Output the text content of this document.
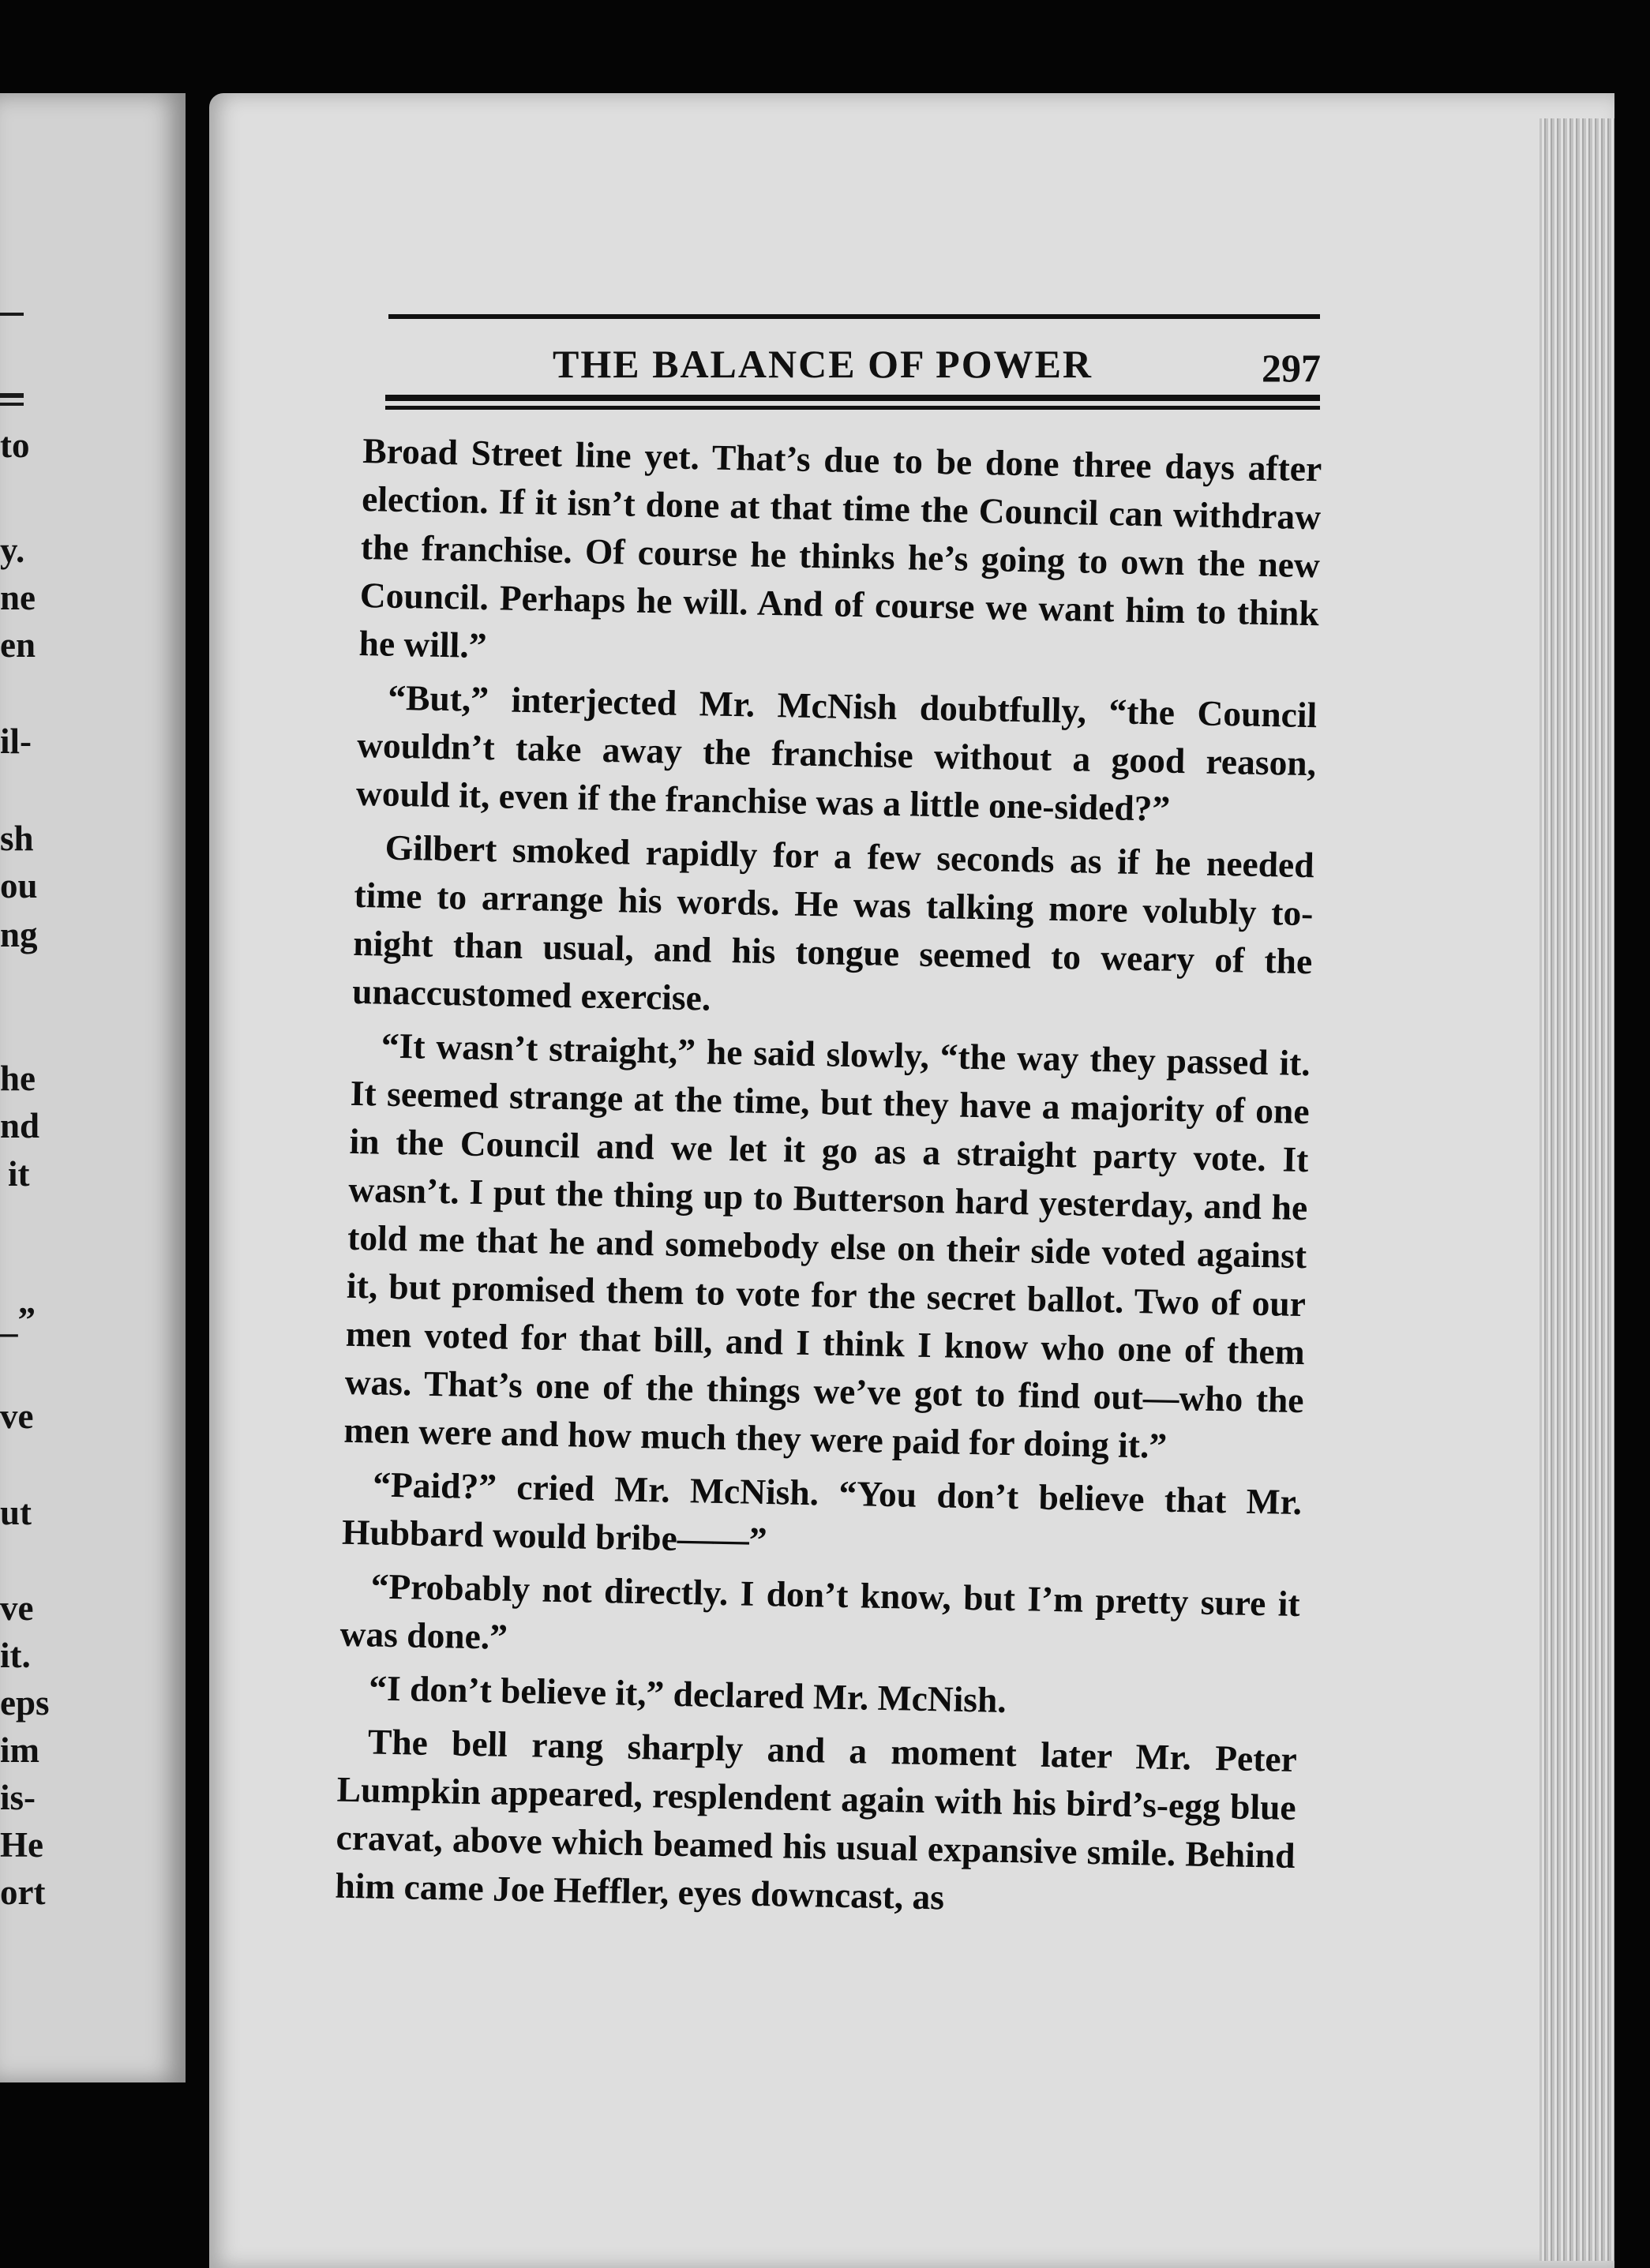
to
y.
ne
en
il-
sh
ou
ng
he
nd
it
_”
ve
ut
ve
it.
eps
im
is-
He
ort
THE BALANCE OF POWER	297

Broad Street line yet. That’s due to be done three days after election. If it isn’t done at that time the Council can withdraw the franchise. Of course he thinks he’s going to own the new Council. Perhaps he will. And of course we want him to think he will.”

“But,” interjected Mr. McNish doubtfully, “the Council wouldn’t take away the franchise without a good reason, would it, even if the franchise was a little one-sided?”

Gilbert smoked rapidly for a few seconds as if he needed time to arrange his words. He was talking more volubly to-night than usual, and his tongue seemed to weary of the unaccustomed exercise.

“It wasn’t straight,” he said slowly, “the way they passed it. It seemed strange at the time, but they have a majority of one in the Council and we let it go as a straight party vote. It wasn’t. I put the thing up to Butterson hard yesterday, and he told me that he and somebody else on their side voted against it, but promised them to vote for the secret ballot. Two of our men voted for that bill, and I think I know who one of them was. That’s one of the things we’ve got to find out—who the men were and how much they were paid for doing it.”

“Paid?” cried Mr. McNish. “You don’t believe that Mr. Hubbard would bribe——”

“Probably not directly. I don’t know, but I’m pretty sure it was done.”

“I don’t believe it,” declared Mr. McNish.

The bell rang sharply and a moment later Mr. Peter Lumpkin appeared, resplendent again with his bird’s-egg blue cravat, above which beamed his usual expansive smile. Behind him came Joe Heffler, eyes downcast, as
